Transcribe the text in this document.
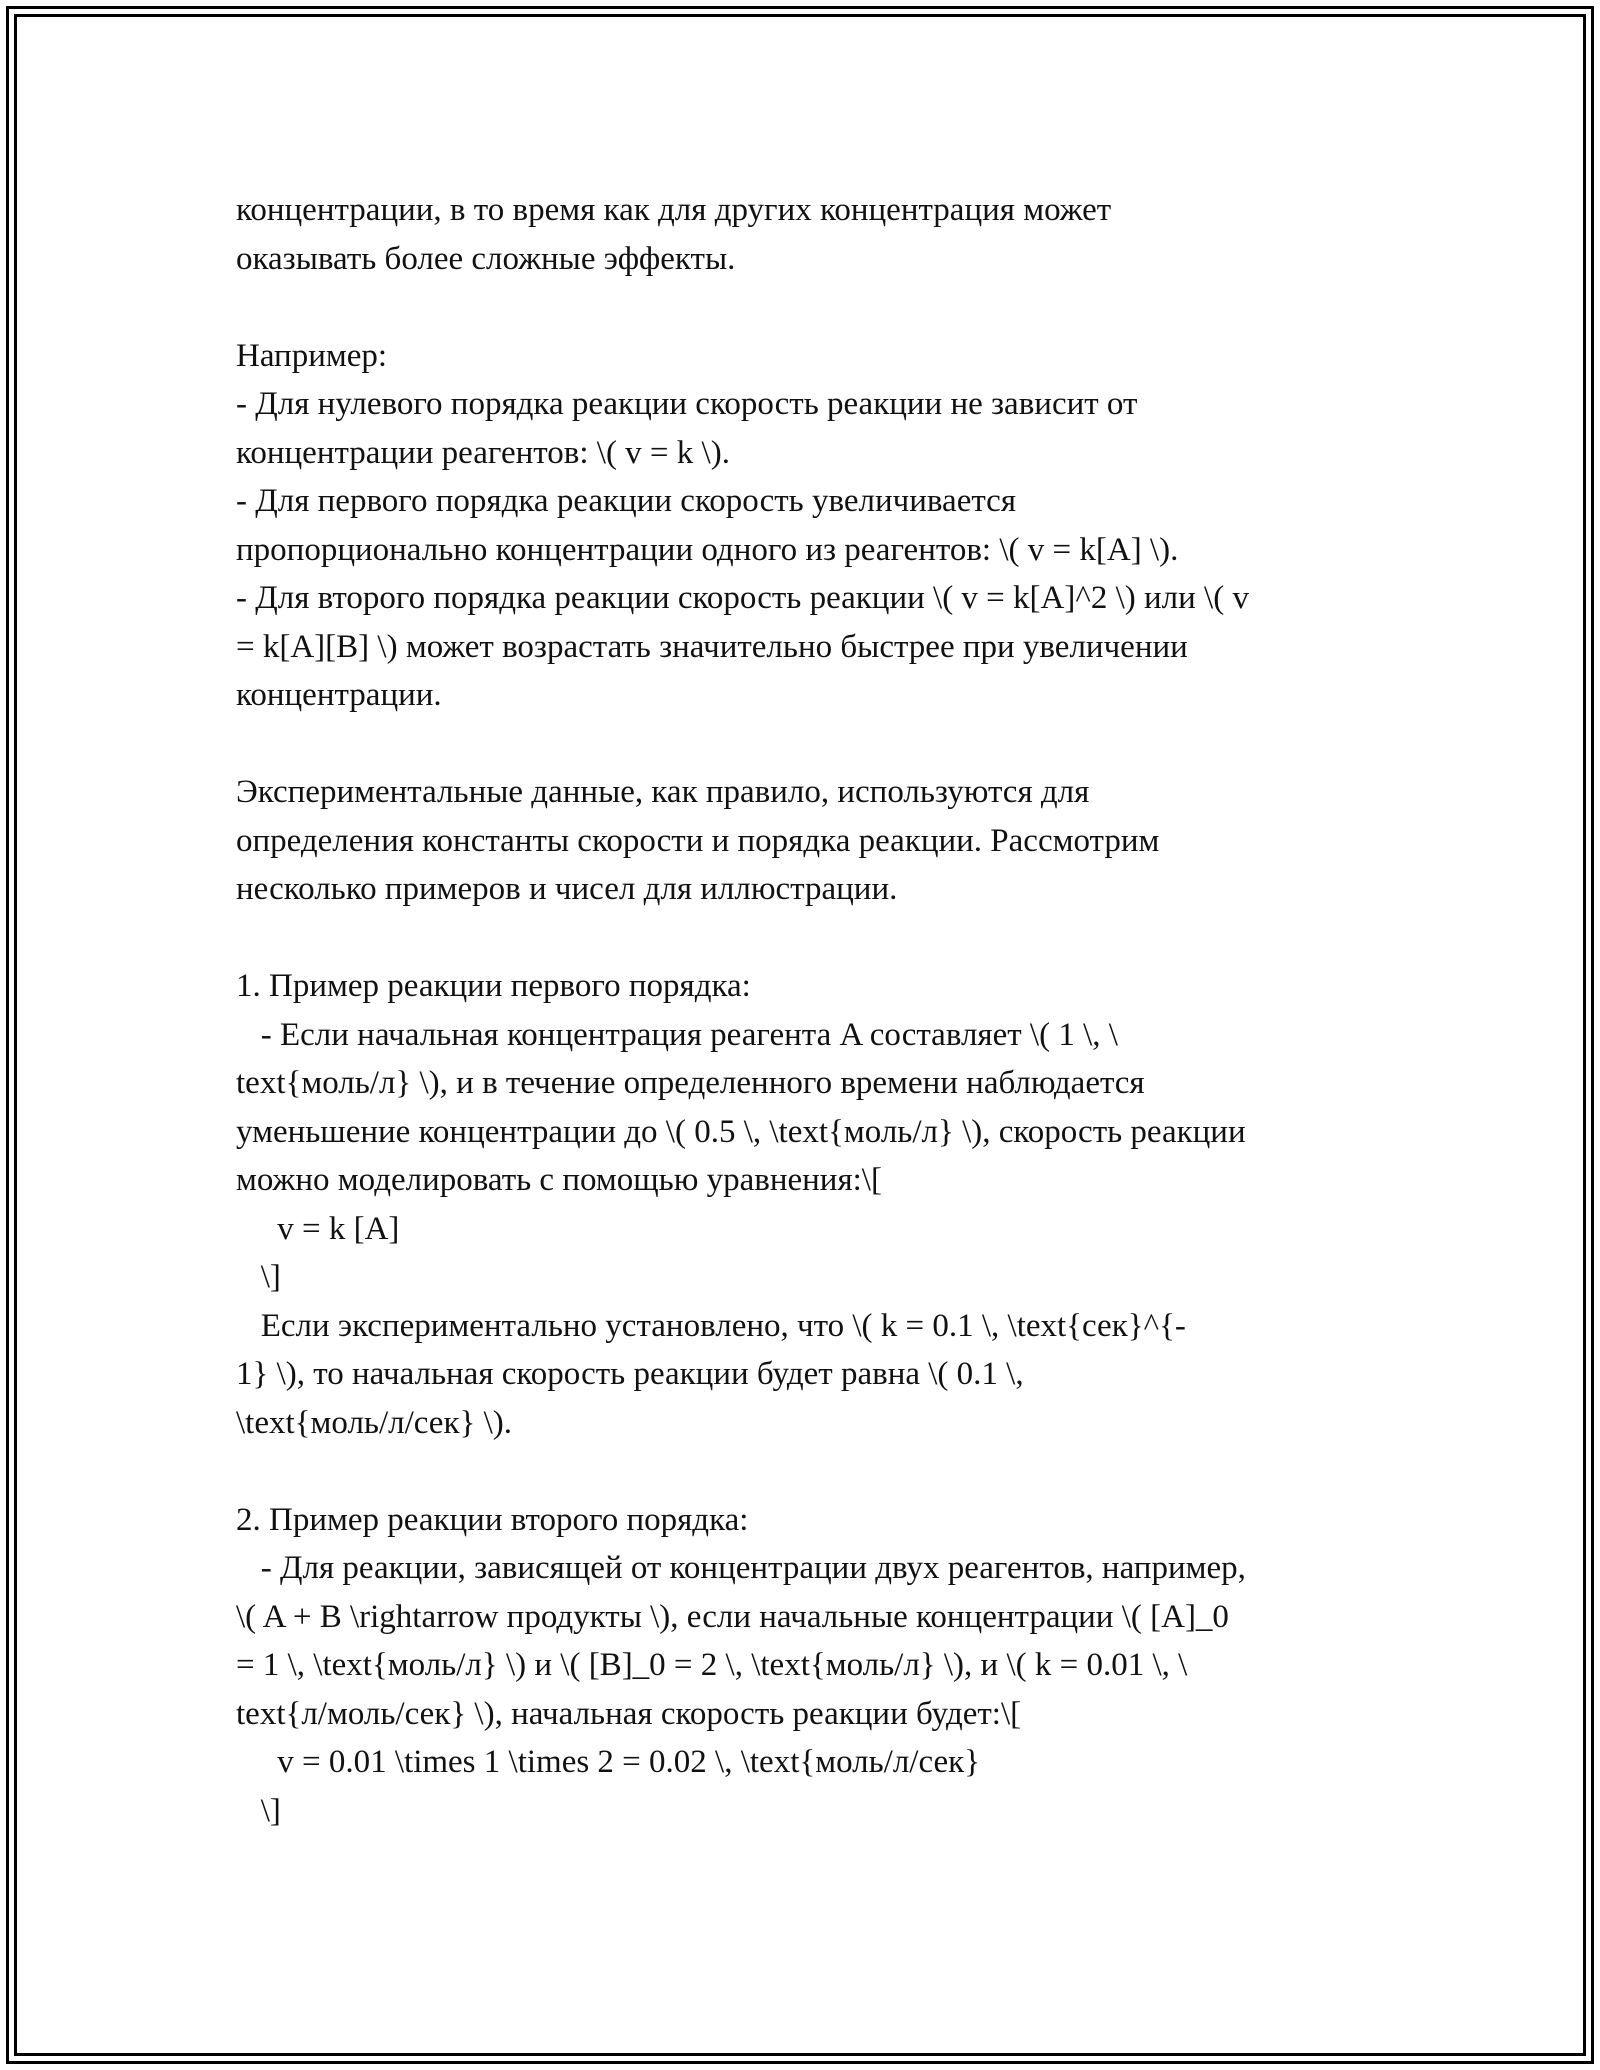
концентрации, в то время как для других концентрация может
оказывать более сложные эффекты.
Например:
- Для нулевого порядка реакции скорость реакции не зависит от
концентрации реагентов: \( v = k \).
- Для первого порядка реакции скорость увеличивается
пропорционально концентрации одного из реагентов: \( v = k[A] \).
- Для второго порядка реакции скорость реакции \( v = k[A]^2 \) или \( v
= k[A][B] \) может возрастать значительно быстрее при увеличении
концентрации.
Экспериментальные данные, как правило, используются для
определения константы скорости и порядка реакции. Рассмотрим
несколько примеров и чисел для иллюстрации.
1. Пример реакции первого порядка:
- Если начальная концентрация реагента A составляет \( 1 \, \
text{моль/л} \), и в течение определенного времени наблюдается
уменьшение концентрации до \( 0.5 \, \text{моль/л} \), скорость реакции
можно моделировать с помощью уравнения:\[
v = k [A]
\]
Если экспериментально установлено, что \( k = 0.1 \, \text{сек}^{-
1} \), то начальная скорость реакции будет равна \( 0.1 \,
\text{моль/л/сек} \).
2. Пример реакции второго порядка:
- Для реакции, зависящей от концентрации двух реагентов, например,
\( A + B \rightarrow продукты \), если начальные концентрации \( [A]_0
= 1 \, \text{моль/л} \) и \( [B]_0 = 2 \, \text{моль/л} \), и \( k = 0.01 \, \
text{л/моль/сек} \), начальная скорость реакции будет:\[
v = 0.01 \times 1 \times 2 = 0.02 \, \text{моль/л/сек}
\]
